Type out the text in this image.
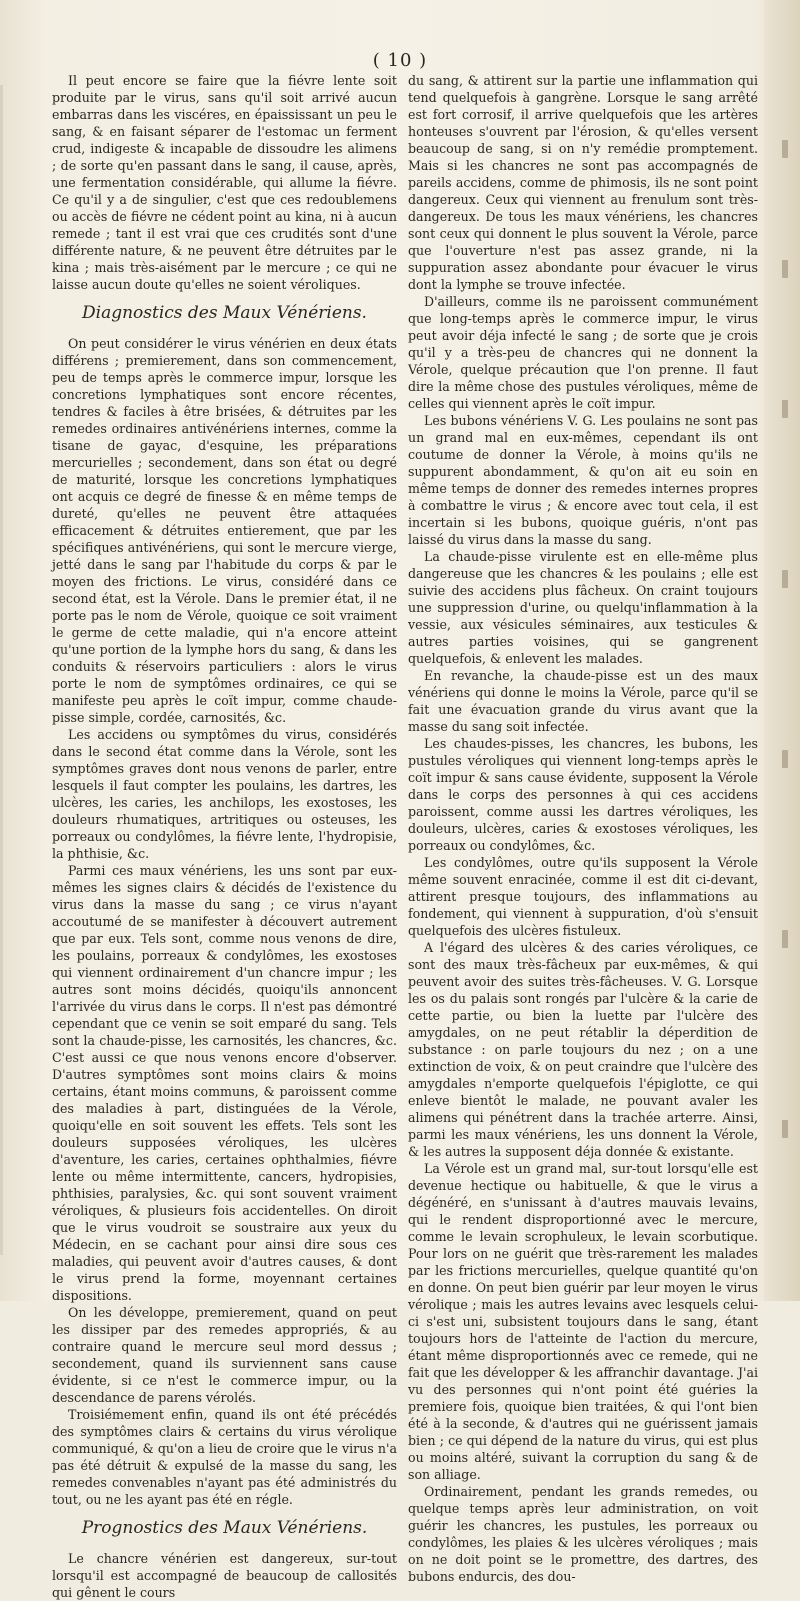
( 10 )

Il peut encore se faire que la fiévre lente soit produite par le virus, sans qu'il soit arrivé aucun embarras dans les viscéres, en épaississant un peu le sang, & en faisant séparer de l'estomac un ferment crud, indigeste & incapable de dissoudre les alimens ; de sorte qu'en passant dans le sang, il cause, après, une fermentation considérable, qui allume la fiévre. Ce qu'il y a de singulier, c'est que ces redoublemens ou accès de fiévre ne cédent point au kina, ni à aucun remede ; tant il est vrai que ces crudités sont d'une différente nature, & ne peuvent être détruites par le kina ; mais très-aisément par le mercure ; ce qui ne laisse aucun doute qu'elles ne soient véroliques.

Diagnostics des Maux Vénériens.

On peut considérer le virus vénérien en deux états différens ; premierement, dans son commencement, peu de temps après le commerce impur, lorsque les concretions lymphatiques sont encore récentes, tendres & faciles à être brisées, & détruites par les remedes ordinaires antivénériens internes, comme la tisane de gayac, d'esquine, les préparations mercurielles ; secondement, dans son état ou degré de maturité, lorsque les concretions lymphatiques ont acquis ce degré de finesse & en même temps de dureté, qu'elles ne peuvent être attaquées efficacement & détruites entierement, que par les spécifiques antivénériens, qui sont le mercure vierge, jetté dans le sang par l'habitude du corps & par le moyen des frictions. Le virus, considéré dans ce second état, est la Vérole. Dans le premier état, il ne porte pas le nom de Vérole, quoique ce soit vraiment le germe de cette maladie, qui n'a encore atteint qu'une portion de la lymphe hors du sang, & dans les conduits & réservoirs particuliers : alors le virus porte le nom de symptômes ordinaires, ce qui se manifeste peu après le coït impur, comme chaude-pisse simple, cordée, carnosités, &c.

Les accidens ou symptômes du virus, considérés dans le second état comme dans la Vérole, sont les symptômes graves dont nous venons de parler, entre lesquels il faut compter les poulains, les dartres, les ulcères, les caries, les anchilops, les exostoses, les douleurs rhumatiques, artritiques ou osteuses, les porreaux ou condylômes, la fiévre lente, l'hydropisie, la phthisie, &c.

Parmi ces maux vénériens, les uns sont par eux-mêmes les signes clairs & décidés de l'existence du virus dans la masse du sang ; ce virus n'ayant accoutumé de se manifester à découvert autrement que par eux. Tels sont, comme nous venons de dire, les poulains, porreaux & condylômes, les exostoses qui viennent ordinairement d'un chancre impur ; les autres sont moins décidés, quoiqu'ils annoncent l'arrivée du virus dans le corps. Il n'est pas démontré cependant que ce venin se soit emparé du sang. Tels sont la chaude-pisse, les carnosités, les chancres, &c. C'est aussi ce que nous venons encore d'observer. D'autres symptômes sont moins clairs & moins certains, étant moins communs, & paroissent comme des maladies à part, distinguées de la Vérole, quoiqu'elle en soit souvent les effets. Tels sont les douleurs supposées véroliques, les ulcères d'aventure, les caries, certaines ophthalmies, fiévre lente ou même intermittente, cancers, hydropisies, phthisies, paralysies, &c. qui sont souvent vraiment véroliques, & plusieurs fois accidentelles. On diroit que le virus voudroit se soustraire aux yeux du Médecin, en se cachant pour ainsi dire sous ces maladies, qui peuvent avoir d'autres causes, & dont le virus prend la forme, moyennant certaines dispositions.

On les développe, premierement, quand on peut les dissiper par des remedes appropriés, & au contraire quand le mercure seul mord dessus ; secondement, quand ils surviennent sans cause évidente, si ce n'est le commerce impur, ou la descendance de parens vérolés.

Troisiémement enfin, quand ils ont été précédés des symptômes clairs & certains du virus vérolique communiqué, & qu'on a lieu de croire que le virus n'a pas été détruit & expulsé de la masse du sang, les remedes convenables n'ayant pas été administrés du tout, ou ne les ayant pas été en régle.

Prognostics des Maux Vénériens.

Le chancre vénérien est dangereux, sur-tout lorsqu'il est accompagné de beaucoup de callosités qui gênent le cours

du sang, & attirent sur la partie une inflammation qui tend quelquefois à gangrène. Lorsque le sang arrêté est fort corrosif, il arrive quelquefois que les artères honteuses s'ouvrent par l'érosion, & qu'elles versent beaucoup de sang, si on n'y remédie promptement. Mais si les chancres ne sont pas accompagnés de pareils accidens, comme de phimosis, ils ne sont point dangereux. Ceux qui viennent au frenulum sont très-dangereux. De tous les maux vénériens, les chancres sont ceux qui donnent le plus souvent la Vérole, parce que l'ouverture n'est pas assez grande, ni la suppuration assez abondante pour évacuer le virus dont la lymphe se trouve infectée.

D'ailleurs, comme ils ne paroissent communément que long-temps après le commerce impur, le virus peut avoir déja infecté le sang ; de sorte que je crois qu'il y a très-peu de chancres qui ne donnent la Vérole, quelque précaution que l'on prenne. Il faut dire la même chose des pustules véroliques, même de celles qui viennent après le coït impur.

Les bubons vénériens V. G. Les poulains ne sont pas un grand mal en eux-mêmes, cependant ils ont coutume de donner la Vérole, à moins qu'ils ne suppurent abondamment, & qu'on ait eu soin en même temps de donner des remedes internes propres à combattre le virus ; & encore avec tout cela, il est incertain si les bubons, quoique guéris, n'ont pas laissé du virus dans la masse du sang.

La chaude-pisse virulente est en elle-même plus dangereuse que les chancres & les poulains ; elle est suivie des accidens plus fâcheux. On craint toujours une suppression d'urine, ou quelqu'inflammation à la vessie, aux vésicules séminaires, aux testicules & autres parties voisines, qui se gangrenent quelquefois, & enlevent les malades.

En revanche, la chaude-pisse est un des maux vénériens qui donne le moins la Vérole, parce qu'il se fait une évacuation grande du virus avant que la masse du sang soit infectée.

Les chaudes-pisses, les chancres, les bubons, les pustules véroliques qui viennent long-temps après le coït impur & sans cause évidente, supposent la Vérole dans le corps des personnes à qui ces accidens paroissent, comme aussi les dartres véroliques, les douleurs, ulcères, caries & exostoses véroliques, les porreaux ou condylômes, &c.

Les condylômes, outre qu'ils supposent la Vérole même souvent enracinée, comme il est dit ci-devant, attirent presque toujours, des inflammations au fondement, qui viennent à suppuration, d'où s'ensuit quelquefois des ulcères fistuleux.

A l'égard des ulcères & des caries véroliques, ce sont des maux très-fâcheux par eux-mêmes, & qui peuvent avoir des suites très-fâcheuses. V. G. Lorsque les os du palais sont rongés par l'ulcère & la carie de cette partie, ou bien la luette par l'ulcère des amygdales, on ne peut rétablir la déperdition de substance : on parle toujours du nez ; on a une extinction de voix, & on peut craindre que l'ulcère des amygdales n'emporte quelquefois l'épiglotte, ce qui enleve bientôt le malade, ne pouvant avaler les alimens qui pénétrent dans la trachée arterre. Ainsi, parmi les maux vénériens, les uns donnent la Vérole, & les autres la supposent déja donnée & existante.

La Vérole est un grand mal, sur-tout lorsqu'elle est devenue hectique ou habituelle, & que le virus a dégénéré, en s'unissant à d'autres mauvais levains, qui le rendent disproportionné avec le mercure, comme le levain scrophuleux, le levain scorbutique. Pour lors on ne guérit que très-rarement les malades par les frictions mercurielles, quelque quantité qu'on en donne. On peut bien guérir par leur moyen le virus vérolique ; mais les autres levains avec lesquels celui-ci s'est uni, subsistent toujours dans le sang, étant toujours hors de l'atteinte de l'action du mercure, étant même disproportionnés avec ce remede, qui ne fait que les développer & les affranchir davantage. J'ai vu des personnes qui n'ont point été guéries la premiere fois, quoique bien traitées, & qui l'ont bien été à la seconde, & d'autres qui ne guérissent jamais bien ; ce qui dépend de la nature du virus, qui est plus ou moins altéré, suivant la corruption du sang & de son alliage.

Ordinairement, pendant les grands remedes, ou quelque temps après leur administration, on voit guérir les chancres, les pustules, les porreaux ou condylômes, les plaies & les ulcères véroliques ; mais on ne doit point se le promettre, des dartres, des bubons endurcis, des dou-
